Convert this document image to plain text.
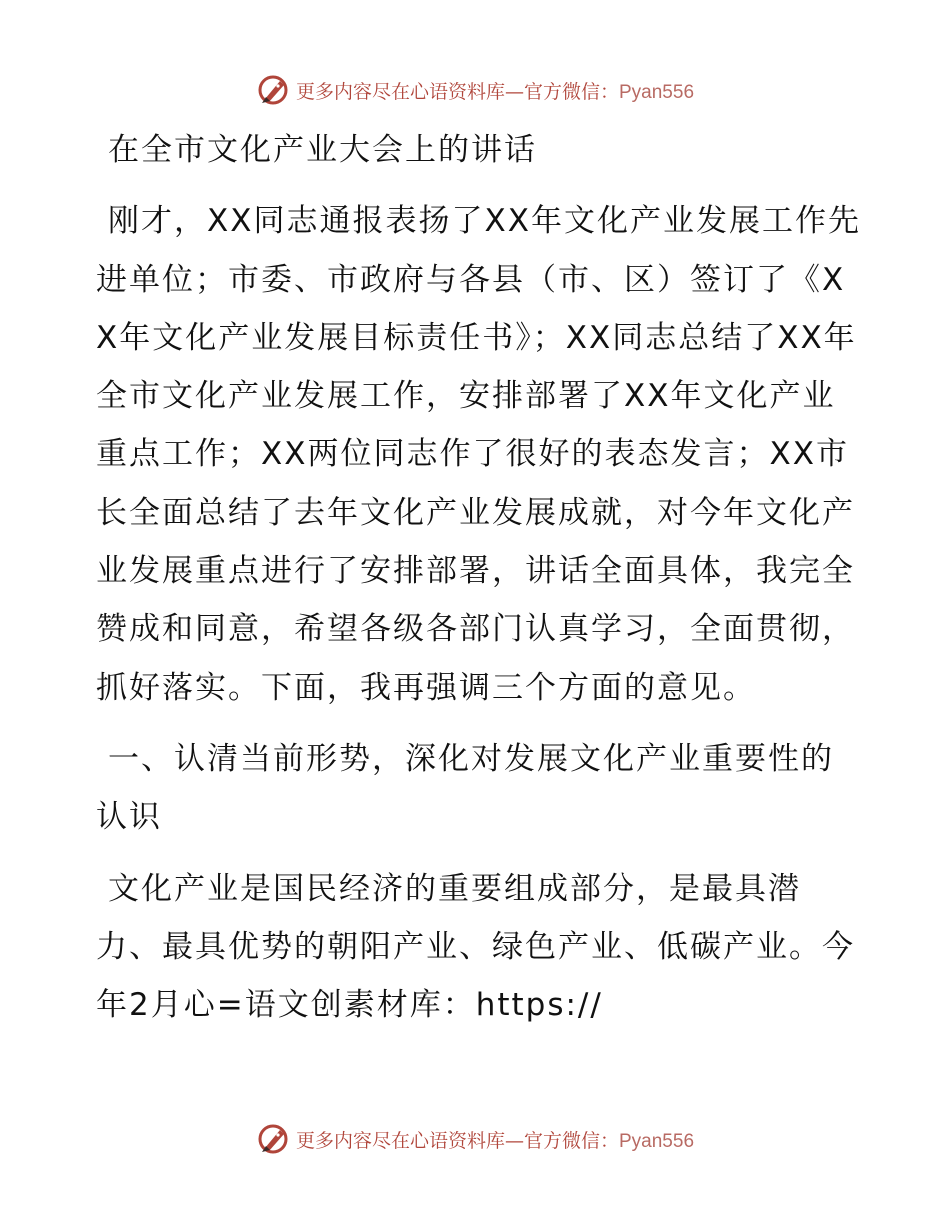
更多内容尽在心语资料库—官方微信：Pyan556

在全市文化产业大会上的讲话

刚才，XX同志通报表扬了XX年文化产业发展工作先进单位；市委、市政府与各县（市、区）签订了《XX年文化产业发展目标责任书》；XX同志总结了XX年全市文化产业发展工作，安排部署了XX年文化产业重点工作；XX两位同志作了很好的表态发言；XX市长全面总结了去年文化产业发展成就，对今年文化产业发展重点进行了安排部署，讲话全面具体，我完全赞成和同意，希望各级各部门认真学习，全面贯彻，抓好落实。下面，我再强调三个方面的意见。

一、认清当前形势，深化对发展文化产业重要性的认识

文化产业是国民经济的重要组成部分，是最具潜力、最具优势的朝阳产业、绿色产业、低碳产业。今年2月心=语文创素材库：https://

更多内容尽在心语资料库—官方微信：Pyan556
